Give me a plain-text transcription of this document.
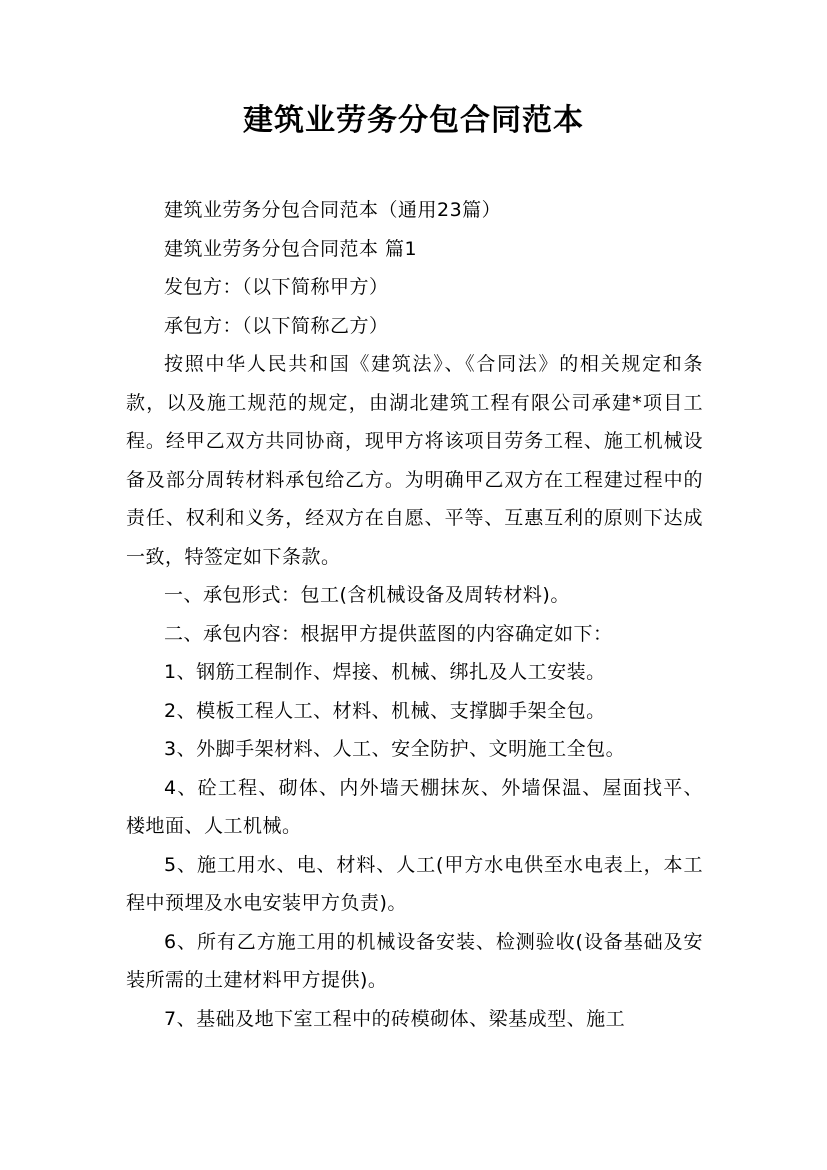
建筑业劳务分包合同范本

建筑业劳务分包合同范本（通用23篇）

建筑业劳务分包合同范本 篇1

发包方：（以下简称甲方）

承包方：（以下简称乙方）

按照中华人民共和国《建筑法》、《合同法》的相关规定和条款，以及施工规范的规定，由湖北建筑工程有限公司承建*项目工程。经甲乙双方共同协商，现甲方将该项目劳务工程、施工机械设备及部分周转材料承包给乙方。为明确甲乙双方在工程建过程中的责任、权利和义务，经双方在自愿、平等、互惠互利的原则下达成一致，特签定如下条款。

一、承包形式：包工(含机械设备及周转材料)。

二、承包内容：根据甲方提供蓝图的内容确定如下：

1、钢筋工程制作、焊接、机械、绑扎及人工安装。

2、模板工程人工、材料、机械、支撑脚手架全包。

3、外脚手架材料、人工、安全防护、文明施工全包。

4、砼工程、砌体、内外墙天棚抹灰、外墙保温、屋面找平、楼地面、人工机械。

5、施工用水、电、材料、人工(甲方水电供至水电表上，本工程中预埋及水电安装甲方负责)。

6、所有乙方施工用的机械设备安装、检测验收(设备基础及安装所需的土建材料甲方提供)。

7、基础及地下室工程中的砖模砌体、梁基成型、施工
